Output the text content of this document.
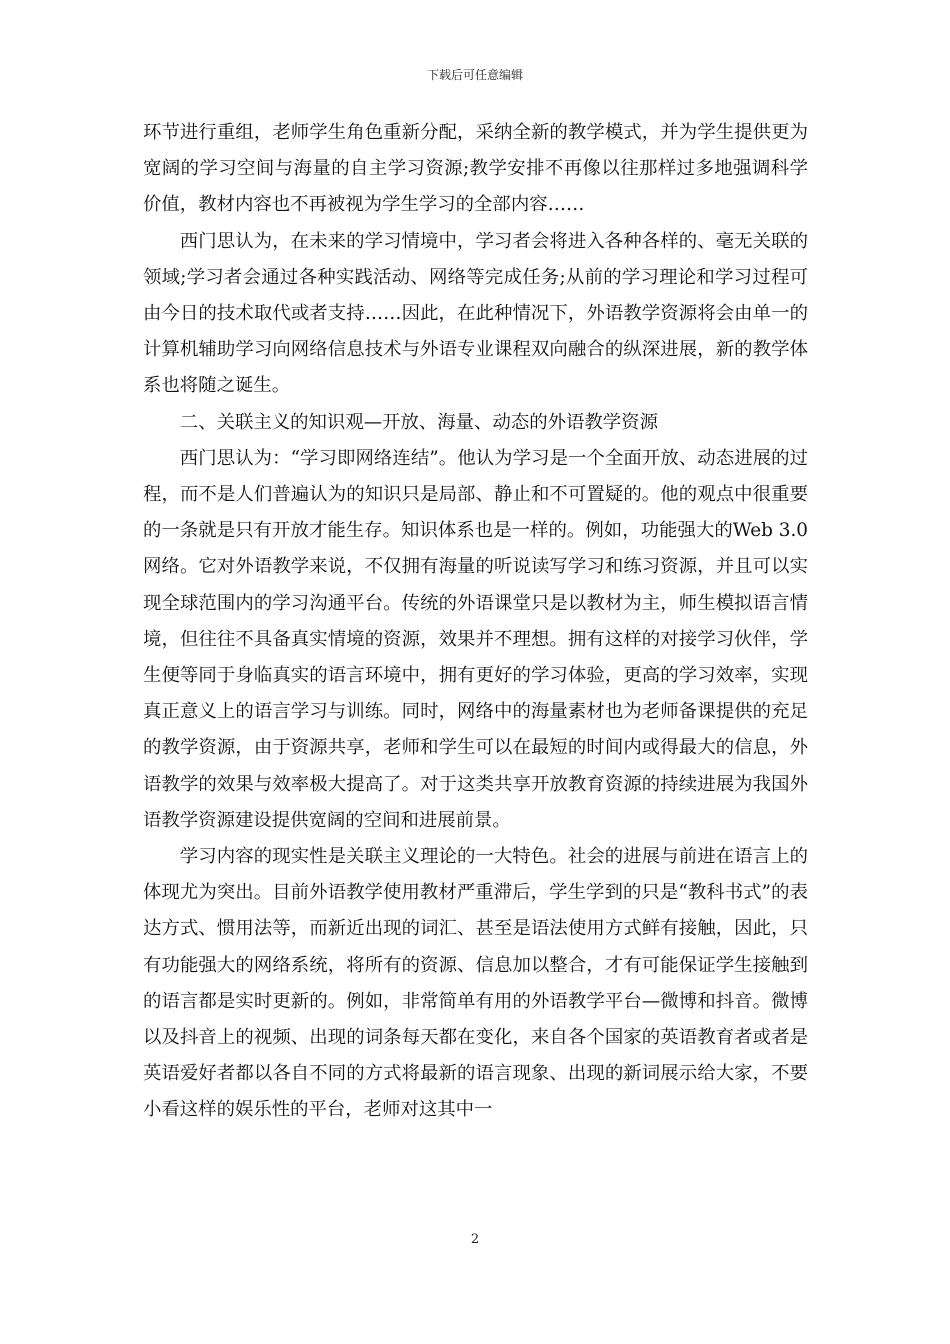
下载后可任意编辑

环节进行重组，老师学生角色重新分配，采纳全新的教学模式，并为学生提供更为宽阔的学习空间与海量的自主学习资源;教学安排不再像以往那样过多地强调科学价值，教材内容也不再被视为学生学习的全部内容……

西门思认为，在未来的学习情境中，学习者会将进入各种各样的、毫无关联的领域;学习者会通过各种实践活动、网络等完成任务;从前的学习理论和学习过程可由今日的技术取代或者支持……因此，在此种情况下，外语教学资源将会由单一的计算机辅助学习向网络信息技术与外语专业课程双向融合的纵深进展，新的教学体系也将随之诞生。

二、关联主义的知识观—开放、海量、动态的外语教学资源

西门思认为：“学习即网络连结”。他认为学习是一个全面开放、动态进展的过程，而不是人们普遍认为的知识只是局部、静止和不可置疑的。他的观点中很重要的一条就是只有开放才能生存。知识体系也是一样的。例如，功能强大的Web 3.0网络。它对外语教学来说，不仅拥有海量的听说读写学习和练习资源，并且可以实现全球范围内的学习沟通平台。传统的外语课堂只是以教材为主，师生模拟语言情境，但往往不具备真实情境的资源，效果并不理想。拥有这样的对接学习伙伴，学生便等同于身临真实的语言环境中，拥有更好的学习体验，更高的学习效率，实现真正意义上的语言学习与训练。同时，网络中的海量素材也为老师备课提供的充足的教学资源，由于资源共享，老师和学生可以在最短的时间内或得最大的信息，外语教学的效果与效率极大提高了。对于这类共享开放教育资源的持续进展为我国外语教学资源建设提供宽阔的空间和进展前景。

学习内容的现实性是关联主义理论的一大特色。社会的进展与前进在语言上的体现尤为突出。目前外语教学使用教材严重滞后，学生学到的只是“教科书式”的表达方式、惯用法等，而新近出现的词汇、甚至是语法使用方式鲜有接触，因此，只有功能强大的网络系统，将所有的资源、信息加以整合，才有可能保证学生接触到的语言都是实时更新的。例如，非常简单有用的外语教学平台—微博和抖音。微博以及抖音上的视频、出现的词条每天都在变化，来自各个国家的英语教育者或者是英语爱好者都以各自不同的方式将最新的语言现象、出现的新词展示给大家，不要小看这样的娱乐性的平台，老师对这其中一

2
